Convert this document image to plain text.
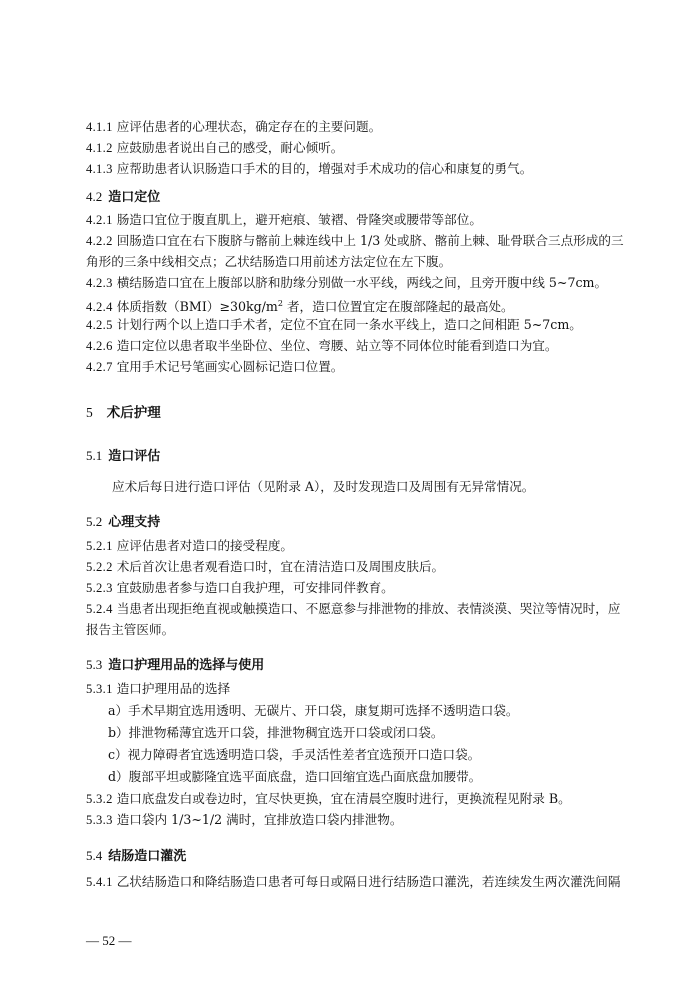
4.1.1 应评估患者的心理状态，确定存在的主要问题。
4.1.2 应鼓励患者说出自己的感受，耐心倾听。
4.1.3 应帮助患者认识肠造口手术的目的，增强对手术成功的信心和康复的勇气。
4.2 造口定位
4.2.1 肠造口宜位于腹直肌上，避开疤痕、皱褶、骨隆突或腰带等部位。
4.2.2 回肠造口宜在右下腹脐与髂前上棘连线中上 1/3 处或脐、髂前上棘、耻骨联合三点形成的三
角形的三条中线相交点；乙状结肠造口用前述方法定位在左下腹。
4.2.3 横结肠造口宜在上腹部以脐和肋缘分别做一水平线，两线之间，且旁开腹中线 5~7cm。
4.2.4 体质指数$(BMI)\ge 30kg/m^2$ 者，造口位置宜定在腹部隆起的最高处。
4.2.5 计划行两个以上造口手术者，定位不宜在同一条水平线上，造口之间相距 5~7cm。
4.2.6 造口定位以患者取半坐卧位、坐位、弯腰、站立等不同体位时能看到造口为宜。
4.2.7 宜用手术记号笔画实心圆标记造口位置。
5 术后护理
5.1 造口评估
应术后每日进行造口评估（见附录 A），及时发现造口及周围有无异常情况。
5.2 心理支持
5.2.1 应评估患者对造口的接受程度。
5.2.2 术后首次让患者观看造口时，宜在清洁造口及周围皮肤后。
5.2.3 宜鼓励患者参与造口自我护理，可安排同伴教育。
5.2.4 当患者出现拒绝直视或触摸造口、不愿意参与排泄物的排放、表情淡漠、哭泣等情况时，应
报告主管医师。
5.3 造口护理用品的选择与使用
5.3.1 造口护理用品的选择
a）手术早期宜选用透明、无碳片、开口袋，康复期可选择不透明造口袋。
b）排泄物稀薄宜选开口袋，排泄物稠宜选开口袋或闭口袋。
c）视力障碍者宜选透明造口袋，手灵活性差者宜选预开口造口袋。
d）腹部平坦或膨隆宜选平面底盘，造口回缩宜选凸面底盘加腰带。
5.3.2 造口底盘发白或卷边时，宜尽快更换，宜在清晨空腹时进行，更换流程见附录 B。
5.3.3 造口袋内 1/3~1/2 满时，宜排放造口袋内排泄物。
5.4 结肠造口灌洗
5.4.1 乙状结肠造口和降结肠造口患者可每日或隔日进行结肠造口灌洗，若连续发生两次灌洗间隔
— 52 —
